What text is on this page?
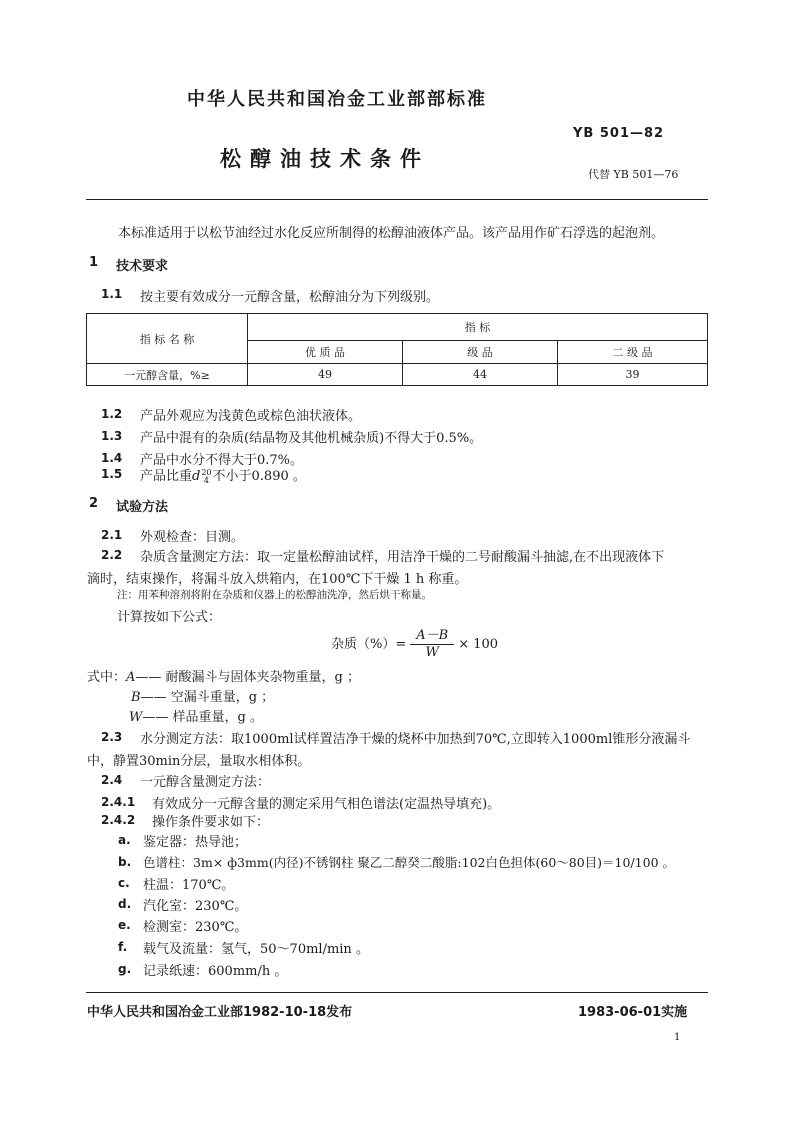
中华人民共和国冶金工业部部标准
YB 501—82
松醇油技术条件
代替 YB 501—76
本标准适用于以松节油经过水化反应所制得的松醇油液体产品。该产品用作矿石浮选的起泡剂。
1 技术要求
1.1 按主要有效成分一元醇含量，松醇油分为下列级别。
指 标 名 称	指 标		
	优 质 品	级 品	二 级 品
一元醇含量，%≥	49	44	39
1.2 产品外观应为浅黄色或棕色油状液体。
1.3 产品中混有的杂质(结晶物及其他机械杂质)不得大于0.5%。
1.4 产品中水分不得大于0.7%。
1.5 产品比重d 20
4 不小于0.890 。
2 试验方法
2.1 外观检查：目测。
2.2 杂质含量测定方法：取一定量松醇油试样，用洁净干燥的二号耐酸漏斗抽滤,在不出现液体下
滴时，结束操作，将漏斗放入烘箱内，在100℃下干燥 1 h 称重。
注：用苯种溶剂将附在杂质和仪器上的松醇油洗净，然后烘干称量。
计算按如下公式：
杂质（%）= $\frac{A-B}{W} \times 100$
式中：A—— 耐酸漏斗与固体夹杂物重量，g ；
B—— 空漏斗重量，g ；
W—— 样品重量，g 。
2.3 水分测定方法：取1000ml试样置洁净干燥的烧杯中加热到70℃,立即转入1000ml锥形分液漏斗
中，静置30min分层，量取水相体积。
2.4 一元醇含量测定方法：
2.4.1 有效成分一元醇含量的测定采用气相色谱法(定温热导填充)。
2.4.2 操作条件要求如下：
a. 鉴定器：热导池；
b. 色谱柱：3m× ф3mm(内径)不锈钢柱 聚乙二醇癸二酸脂:102白色担体(60～80目)＝10/100 。
c. 柱温：170℃。
d. 汽化室：230℃。
e. 检测室：230℃。
f. 载气及流量：氢气，50～70ml/min 。
g. 记录纸速：600mm/h 。
中华人民共和国冶金工业部1982-10-18发布	1983-06-01实施
1
